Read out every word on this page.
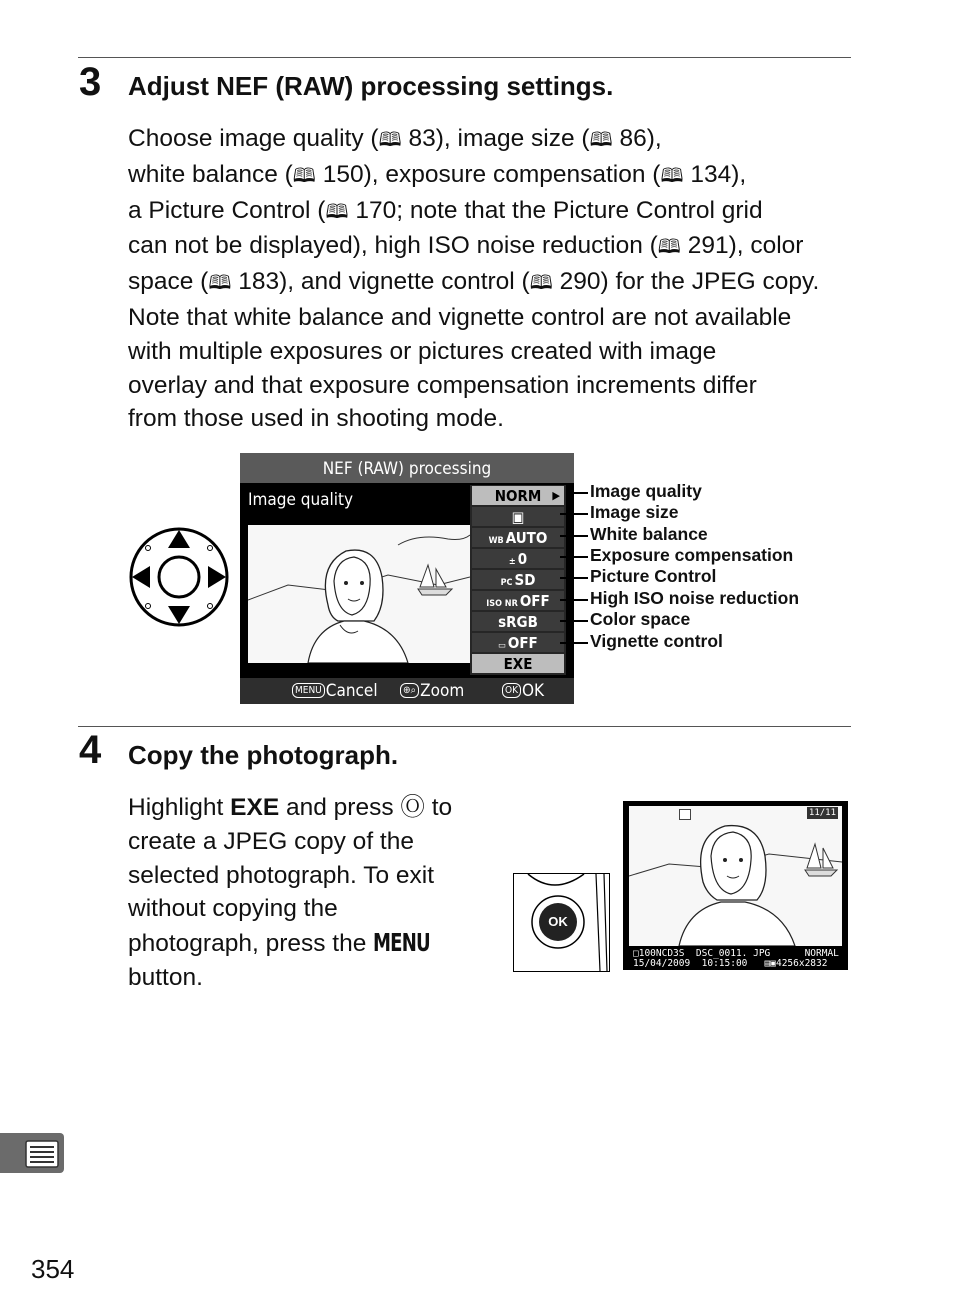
3 Adjust NEF (RAW) processing settings.

Choose image quality (🕮 83), image size (🕮 86),

white balance (🕮 150), exposure compensation (🕮 134),

a Picture Control (🕮 170; note that the Picture Control grid

can not be displayed), high ISO noise reduction (🕮 291), color

space (🕮 183), and vignette control (🕮 290) for the JPEG copy.

Note that white balance and vignette control are not available

with multiple exposures or pictures created with image

overlay and that exposure compensation increments differ

from those used in shooting mode.

NEF (RAW) processing
Image quality	NORM ▶
▣
WB AUTO
± 0
PC SD
ISO NR OFF
sRGB
▭ OFF
EXE
MENU Cancel	⊕⌕ Zoom	OK OK
Image quality
Image size
White balance
Exposure compensation
Picture Control
High ISO noise reduction
Color space
Vignette control
4 Copy the photograph.

Highlight EXE and press Ⓞ to

create a JPEG copy of the

selected photograph. To exit

without copying the

photograph, press the MENU

button.

OK
11/11
□100NCD3S  DSC_0011. JPG      NORMAL
15/04/2009  10:15:00   ▤▣4256x2832
354
